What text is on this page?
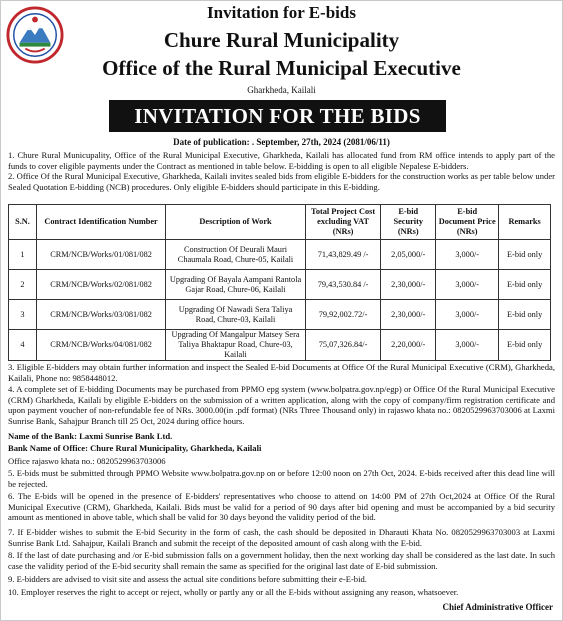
Invitation for E-bids
Chure Rural Municipality
Office of the Rural Municipal Executive
Gharkheda, Kailali
INVITATION FOR THE BIDS
Date of publication: . September, 27th, 2024 (2081/06/11)
1. Chure Rural Municupality, Office of the Rural Municipal Executive, Gharkheda, Kailali has allocated fund from RM office intends to apply part of the funds to cover eligible payments under the Contract as mentioned in table below. E-bidding is open to all eligible Nepalese E-bidders.
2. Office Of the Rural Municipal Executive, Gharkheda, Kailali invites sealed bids from eligible E-bidders for the construction works as per table below under Sealed Quotation E-bidding (NCB) procedures. Only eligible E-bidders should participate in this E-bidding.
S.N.	Contract Identification Number	Description of Work	Total Project Cost excluding VAT (NRs)	E-bid Security (NRs)	E-bid Document Price (NRs)	Remarks
1	CRM/NCB/Works/01/081/082	Construction Of Deurali Mauri Chaumala Road, Chure-05, Kailali	71,43,829.49 /-	2,05,000/-	3,000/-	E-bid only
2	CRM/NCB/Works/02/081/082	Upgrading Of Bayala Aampani Rantola Gajar Road, Chure-06, Kailali	79,43,530.84 /-	2,30,000/-	3,000/-	E-bid only
3	CRM/NCB/Works/03/081/082	Upgrading Of Nawadi Sera Taliya Road, Chure-03, Kailali	79,92,002.72/-	2,30,000/-	3,000/-	E-bid only
4	CRM/NCB/Works/04/081/082	Upgrading Of Mangalpur Matsey Sera Taliya Bhaktapur Road, Chure-03, Kailali	75,07,326.84/-	2,20,000/-	3,000/-	E-bid only
3. Eligible E-bidders may obtain further information and inspect the Sealed E-bid Documents at Office Of the Rural Municipal Executive (CRM), Gharkheda, Kailali, Phone no: 9858448012.
4. A complete set of E-bidding Documents may be purchased from PPMO epg system (www.bolpatra.gov.np/egp) or Office Of the Rural Municipal Executive (CRM) Gharkheda, Kailali by eligible E-bidders on the submission of a written application, along with the copy of company/firm registration certificate and upon payment voucher of non-refundable fee of NRs. 3000.00(in .pdf format) (NRs Three Thousand only) in rajaswo khata no.: 0820529963703006 at Laxmi Sunrise Bank, Sahajpur Branch till 25 Oct, 2024 during office hours.
Name of the Bank: Laxmi Sunrise Bank Ltd.
Bank Name of Office: Chure Rural Municipality, Gharkheda, Kailali
Office rajaswo khata no.: 0820529963703006
5. E-bids must be submitted through PPMO Website www.bolpatra.gov.np on or before 12:00 noon on 27th Oct, 2024. E-bids received after this dead line will be rejected.
6. The E-bids will be opened in the presence of E-bidders' representatives who choose to attend on 14:00 PM of 27th Oct,2024 at Office Of the Rural Municipal Executive (CRM), Gharkheda, Kailali. Bids must be valid for a period of 90 days after bid opening and must be accompanied by a bid security amount as mentioned in above table, which shall be valid for 30 days beyond the validity period of the bid.
7. If E-bidder wishes to submit the E-bid Security in the form of cash, the cash should be deposited in Dharauti Khata No. 0820529963703003 at Laxmi Sunrise Bank Ltd. Sahajpur, Kailali Branch and submit the receipt of the deposited amount of cash along with the E-bid.
8. If the last of date purchasing and /or E-bid submission falls on a government holiday, then the next working day shall be considered as the last date. In such case the validity period of the E-bid security shall remain the same as specified for the original last date of E-bid submission.
9. E-bidders are advised to visit site and assess the actual site conditions before submitting their e-E-bid.
10. Employer reserves the right to accept or reject, wholly or partly any or all the E-bids without assigning any reason, whatsoever.
Chief Administrative Officer
